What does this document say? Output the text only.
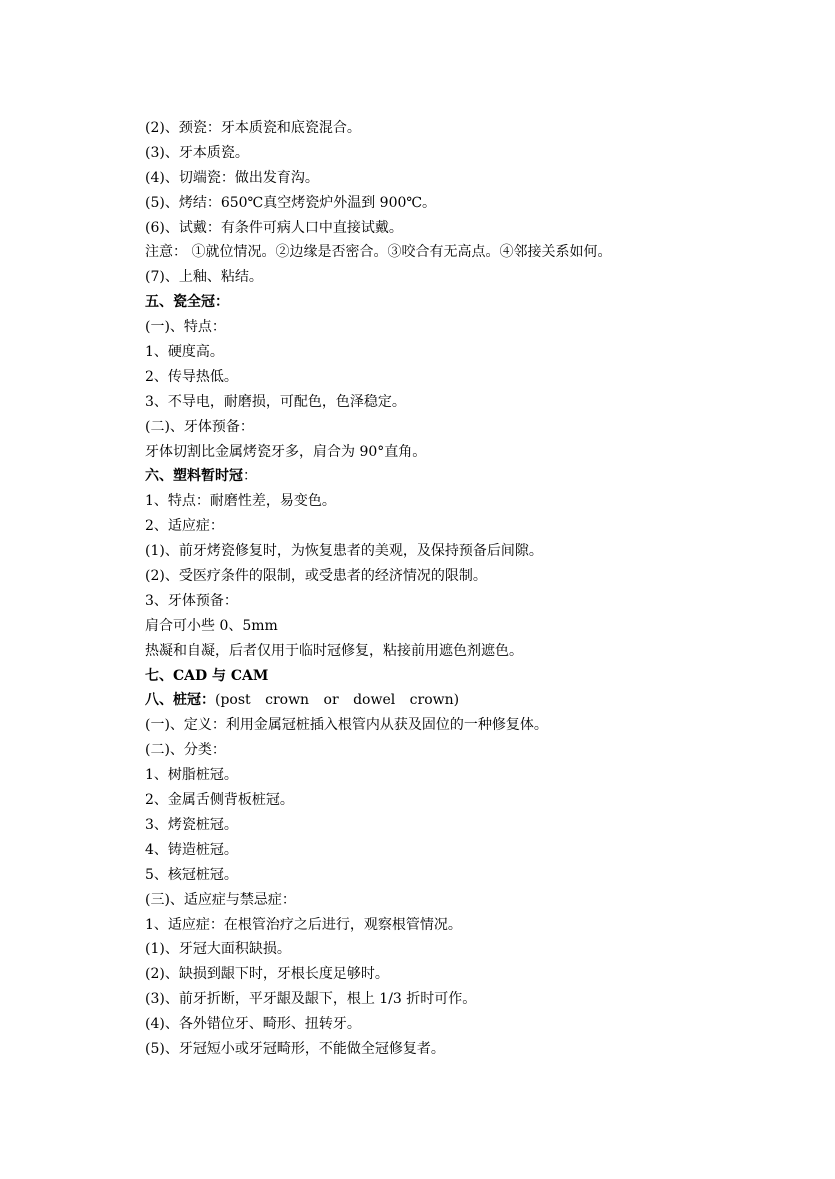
(2)、颈瓷：牙本质瓷和底瓷混合。
(3)、牙本质瓷。
(4)、切端瓷：做出发育沟。
(5)、烤结：650℃真空烤瓷炉外温到 900℃。
(6)、试戴：有条件可病人口中直接试戴。
注意： ①就位情况。②边缘是否密合。③咬合有无高点。④邻接关系如何。
(7)、上釉、粘结。
五、瓷全冠：
(一)、特点：
1、硬度高。
2、传导热低。
3、不导电，耐磨损，可配色，色泽稳定。
(二)、牙体预备：
牙体切割比金属烤瓷牙多，肩合为 90°直角。
六、塑料暂时冠：
1、特点：耐磨性差，易变色。
2、适应症：
(1)、前牙烤瓷修复时，为恢复患者的美观，及保持预备后间隙。
(2)、受医疗条件的限制，或受患者的经济情况的限制。
3、牙体预备：
肩合可小些 0、5mm
热凝和自凝，后者仅用于临时冠修复，粘接前用遮色剂遮色。
七、CAD 与 CAM
八、桩冠：(post crown or dowel crown)
(一)、定义：利用金属冠桩插入根管内从获及固位的一种修复体。
(二)、分类：
1、树脂桩冠。
2、金属舌侧背板桩冠。
3、烤瓷桩冠。
4、铸造桩冠。
5、核冠桩冠。
(三)、适应症与禁忌症：
1、适应症：在根管治疗之后进行，观察根管情况。
(1)、牙冠大面积缺损。
(2)、缺损到龈下时，牙根长度足够时。
(3)、前牙折断，平牙龈及龈下，根上 1/3 折时可作。
(4)、各外错位牙、畸形、扭转牙。
(5)、牙冠短小或牙冠畸形，不能做全冠修复者。
